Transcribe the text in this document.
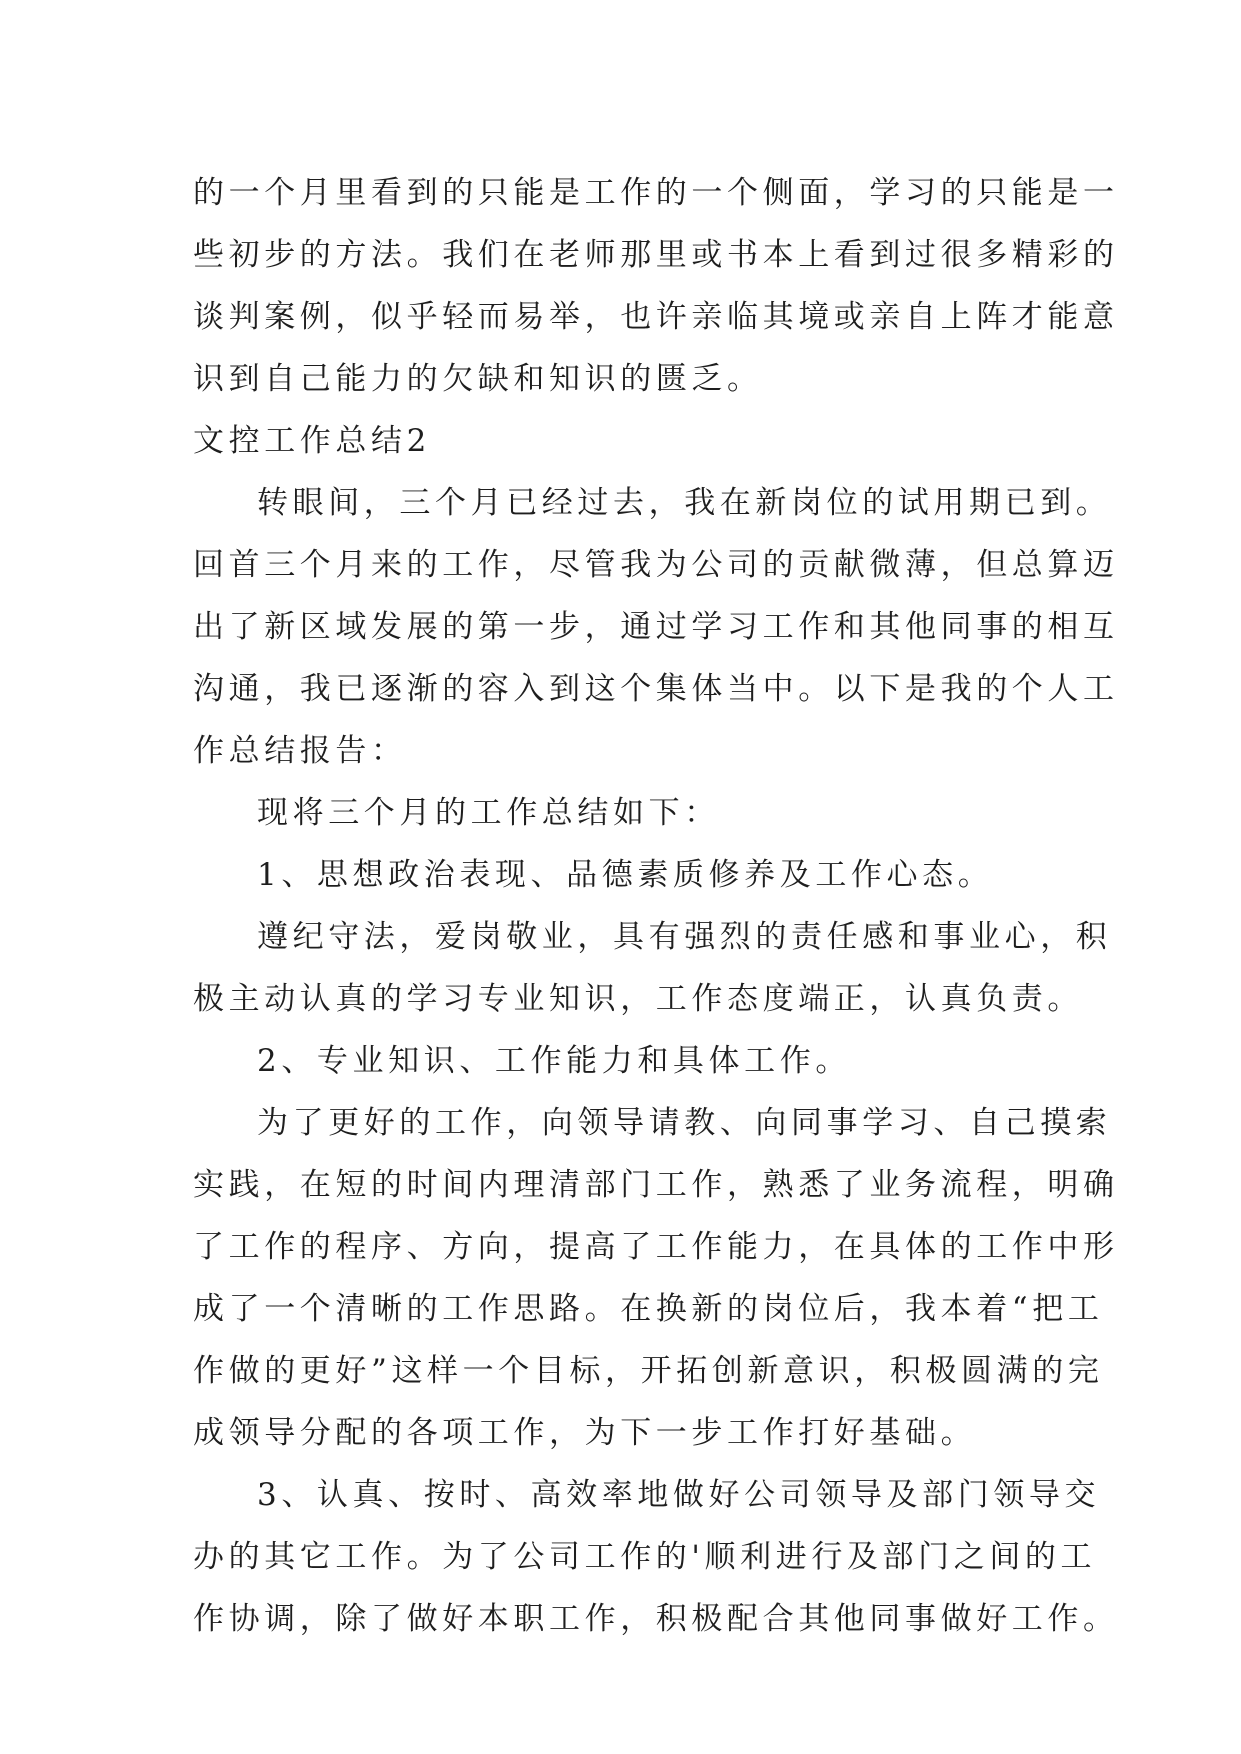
的一个月里看到的只能是工作的一个侧面，学习的只能是一

些初步的方法。我们在老师那里或书本上看到过很多精彩的

谈判案例，似乎轻而易举，也许亲临其境或亲自上阵才能意

识到自己能力的欠缺和知识的匮乏。

文控工作总结2

转眼间，三个月已经过去，我在新岗位的试用期已到。

回首三个月来的工作，尽管我为公司的贡献微薄，但总算迈

出了新区域发展的第一步，通过学习工作和其他同事的相互

沟通，我已逐渐的容入到这个集体当中。以下是我的个人工

作总结报告：

现将三个月的工作总结如下：

1、思想政治表现、品德素质修养及工作心态。

遵纪守法，爱岗敬业，具有强烈的责任感和事业心，积

极主动认真的学习专业知识，工作态度端正，认真负责。

2、专业知识、工作能力和具体工作。

为了更好的工作，向领导请教、向同事学习、自己摸索

实践，在短的时间内理清部门工作，熟悉了业务流程，明确

了工作的程序、方向，提高了工作能力，在具体的工作中形

成了一个清晰的工作思路。在换新的岗位后，我本着“把工

作做的更好”这样一个目标，开拓创新意识，积极圆满的完

成领导分配的各项工作，为下一步工作打好基础。

3、认真、按时、高效率地做好公司领导及部门领导交

办的其它工作。为了公司工作的'顺利进行及部门之间的工

作协调，除了做好本职工作，积极配合其他同事做好工作。
